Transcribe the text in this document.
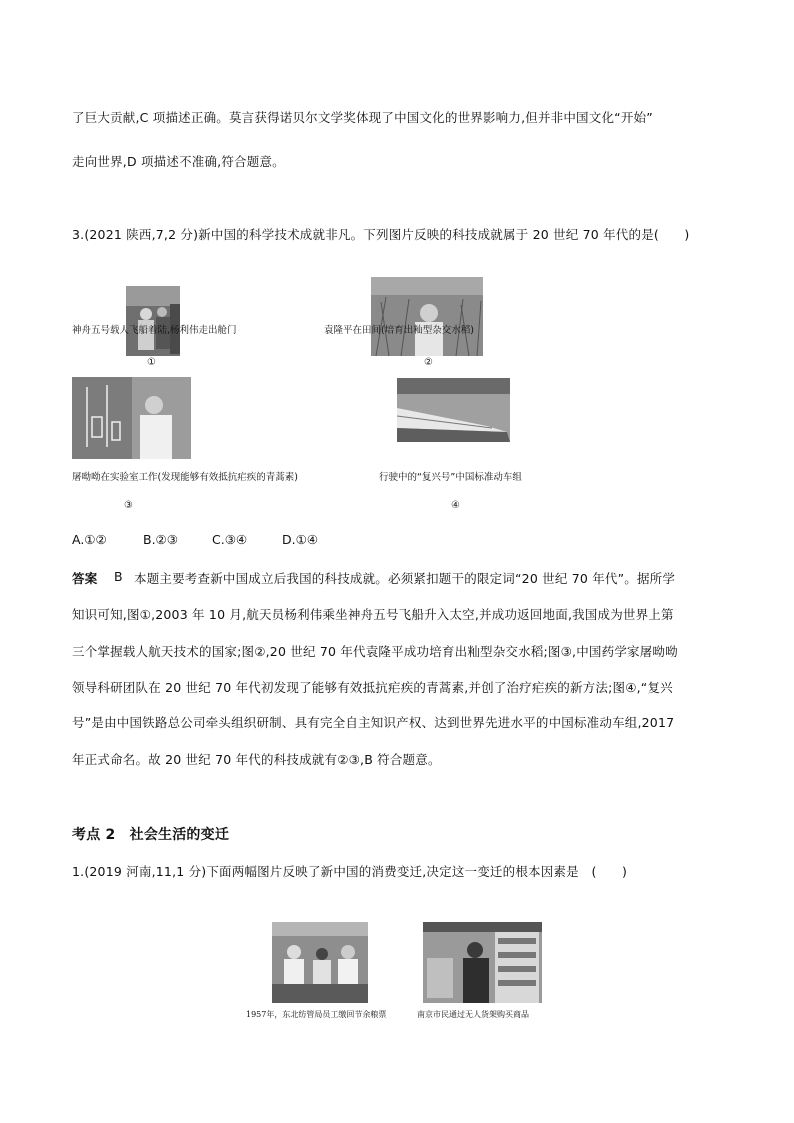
了巨大贡献,C 项描述正确。莫言获得诺贝尔文学奖体现了中国文化的世界影响力,但并非中国文化“开始”
走向世界,D 项描述不准确,符合题意。
3.(2021 陕西,7,2 分)新中国的科学技术成就非凡。下列图片反映的科技成就属于 20 世纪 70 年代的是(　　)
神舟五号载人飞船着陆,杨利伟走出舱门
①
袁隆平在田间(培育出籼型杂交水稻)
②
屠呦呦在实验室工作(发现能够有效抵抗疟疾的青蒿素)
③
行驶中的“复兴号”中国标准动车组
④
A.①②	B.②③	C.③④	D.①④
答案 B 本题主要考查新中国成立后我国的科技成就。必须紧扣题干的限定词“20 世纪 70 年代”。据所学
知识可知,图①,2003 年 10 月,航天员杨利伟乘坐神舟五号飞船升入太空,并成功返回地面,我国成为世界上第
三个掌握载人航天技术的国家;图②,20 世纪 70 年代袁隆平成功培育出籼型杂交水稻;图③,中国药学家屠呦呦
领导科研团队在 20 世纪 70 年代初发现了能够有效抵抗疟疾的青蒿素,并创了治疗疟疾的新方法;图④,“复兴
号”是由中国铁路总公司牵头组织研制、具有完全自主知识产权、达到世界先进水平的中国标准动车组,2017
年正式命名。故 20 世纪 70 年代的科技成就有②③,B 符合题意。
考点 2　社会生活的变迁
1.(2019 河南,11,1 分)下面两幅图片反映了新中国的消费变迁,决定这一变迁的根本因素是　(　　)
1957年，东北纺管局员工缴回节余粮票	南京市民通过无人货架购买商品
